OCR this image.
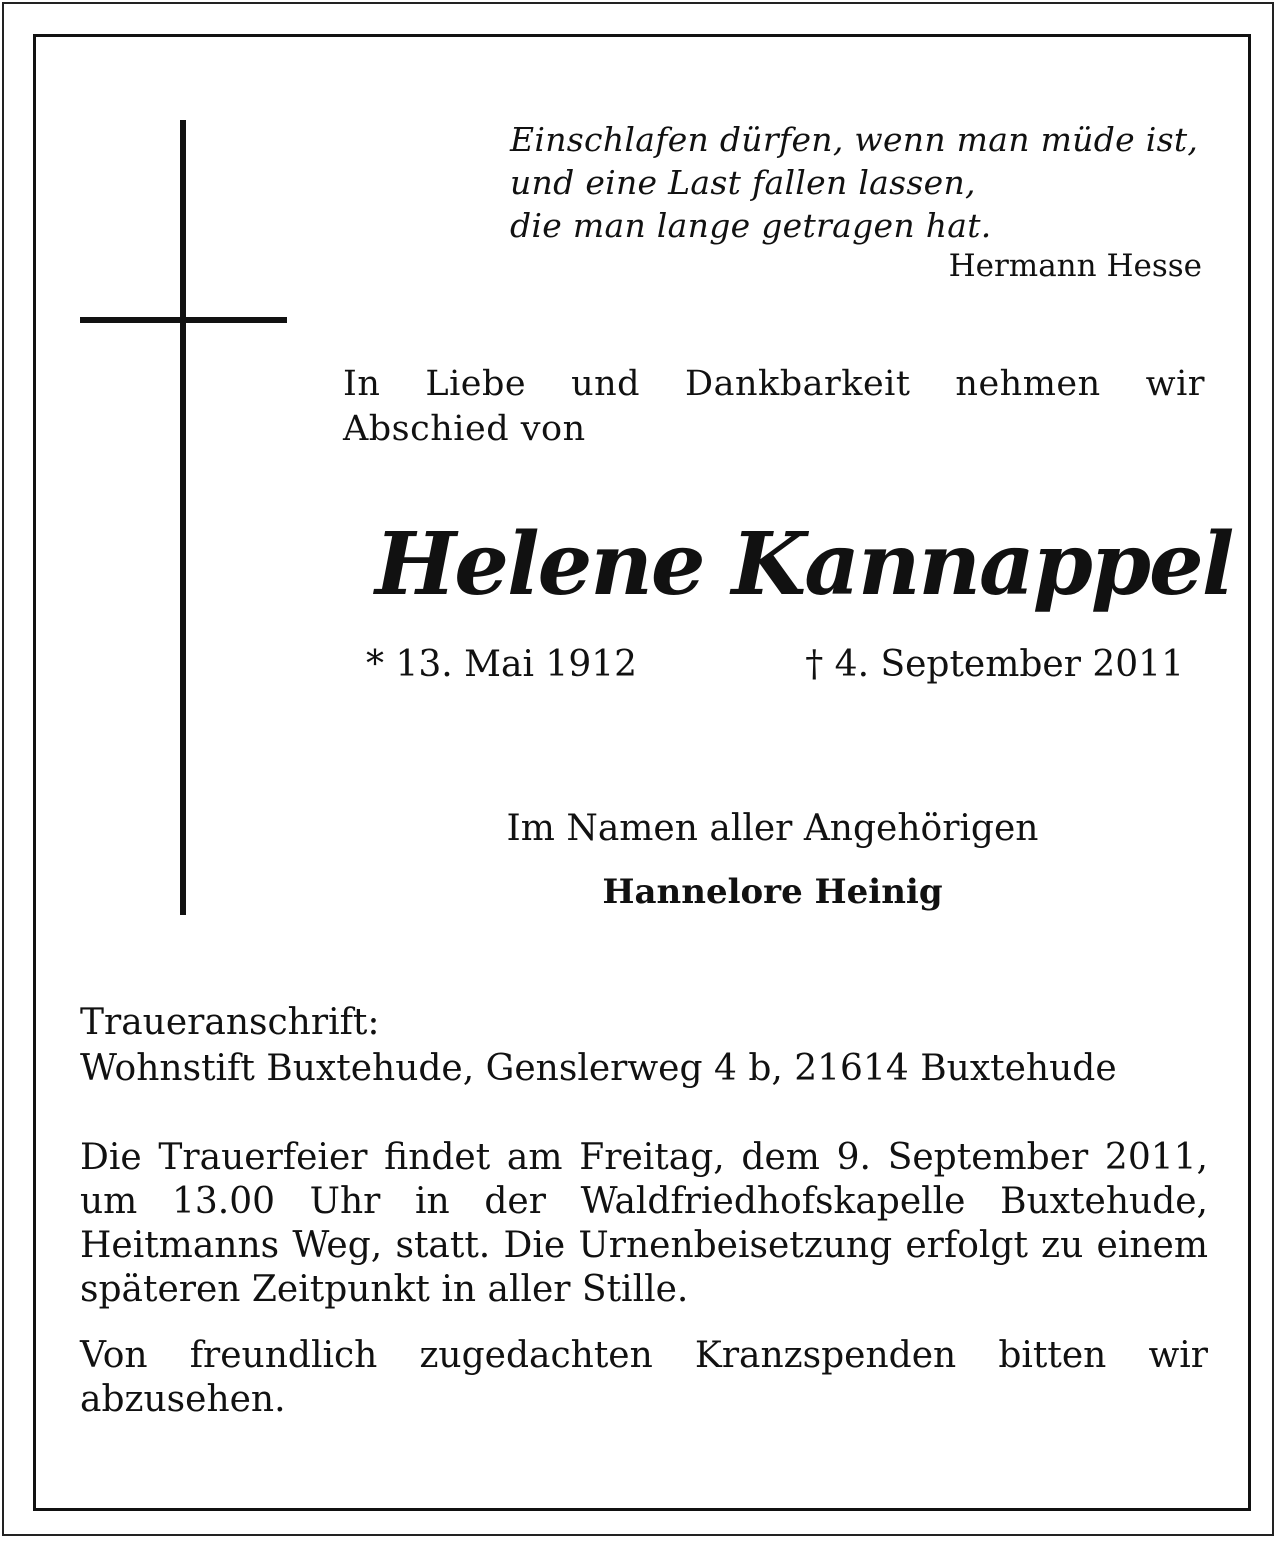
Einschlafen dürfen, wenn man müde ist,
und eine Last fallen lassen,
die man lange getragen hat.
Hermann Hesse
In Liebe und Dankbarkeit nehmen wir Abschied von
Helene Kannappel
* 13. Mai 1912	† 4. September 2011
Im Namen aller Angehörigen
Hannelore Heinig
Traueranschrift:
Wohnstift Buxtehude, Genslerweg 4 b, 21614 Buxtehude
Die Trauerfeier findet am Freitag, dem 9. September 2011, um 13.00 Uhr in der Waldfriedhofskapelle Buxtehude, Heitmanns Weg, statt. Die Urnenbeisetzung erfolgt zu einem späteren Zeitpunkt in aller Stille.
Von freundlich zugedachten Kranzspenden bitten wir abzusehen.
